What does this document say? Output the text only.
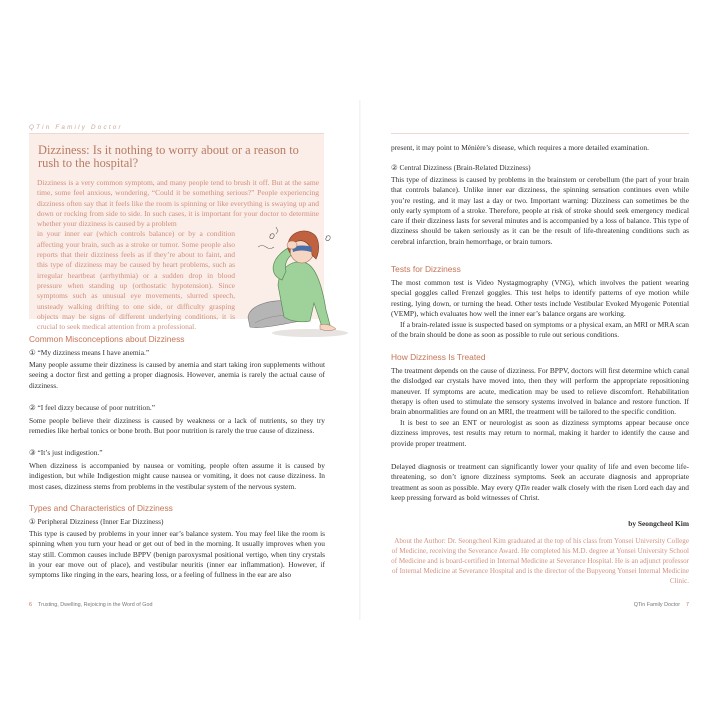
QTin Family Doctor
Dizziness: Is it nothing to worry about or a reason to rush to the hospital?
Dizziness is a very common symptom, and many people tend to brush it off. But at the same time, some feel anxious, wondering, “Could it be something serious?” People experiencing dizziness often say that it feels like the room is spinning or like everything is swaying up and down or rocking from side to side. In such cases, it is important for your doctor to determine whether your dizziness is caused by a problem
in your inner ear (which controls balance) or by a condition affecting your brain, such as a stroke or tumor. Some people also reports that their dizziness feels as if they’re about to faint, and this type of dizziness may be caused by heart problems, such as irregular heartbeat (arrhythmia) or a sudden drop in blood pressure when standing up (orthostatic hypotension). Since symptoms such as unusual eye movements, slurred speech, unsteady walking drifting to one side, or difficulty grasping objects may be signs of different underlying conditions, it is crucial to seek medical attention from a professional.
Common Misconceptions about Dizziness
① “My dizziness means I have anemia.”
Many people assume their dizziness is caused by anemia and start taking iron supplements without seeing a doctor first and getting a proper diagnosis. However, anemia is rarely the actual cause of dizziness.
② “I feel dizzy because of poor nutrition.”
Some people believe their dizziness is caused by weakness or a lack of nutrients, so they try remedies like herbal tonics or bone broth. But poor nutrition is rarely the true cause of dizziness.
③ “It’s just indigestion.”
When dizziness is accompanied by nausea or vomiting, people often assume it is caused by indigestion, but while Indigestion might cause nausea or vomiting, it does not cause dizziness. In most cases, dizziness stems from problems in the vestibular system of the nervous system.
Types and Characteristics of Dizziness
① Peripheral Dizziness (Inner Ear Dizziness)
This type is caused by problems in your inner ear’s balance system. You may feel like the room is spinning when you turn your head or get out of bed in the morning. It usually improves when you stay still. Common causes include BPPV (benign paroxysmal positional vertigo, when tiny crystals in your ear move out of place), and vestibular neuritis (inner ear inflammation). However, if symptoms like ringing in the ears, hearing loss, or a feeling of fullness in the ear are also
6 Trusting, Dwelling, Rejoicing in the Word of God
present, it may point to Ménière’s disease, which requires a more detailed examination.
② Central Dizziness (Brain-Related Dizziness)
This type of dizziness is caused by problems in the brainstem or cerebellum (the part of your brain that controls balance). Unlike inner ear dizziness, the spinning sensation continues even while you’re resting, and it may last a day or two. Important warning: Dizziness can sometimes be the only early symptom of a stroke. Therefore, people at risk of stroke should seek emergency medical care if their dizziness lasts for several minutes and is accompanied by a loss of balance. This type of dizziness should be taken seriously as it can be the result of life-threatening conditions such as cerebral infarction, brain hemorrhage, or brain tumors.
Tests for Dizziness
The most common test is Video Nystagmography (VNG), which involves the patient wearing special goggles called Frenzel goggles. This test helps to identify patterns of eye motion while resting, lying down, or turning the head. Other tests include Vestibular Evoked Myogenic Potential (VEMP), which evaluates how well the inner ear’s balance organs are working.
If a brain-related issue is suspected based on symptoms or a physical exam, an MRI or MRA scan of the brain should be done as soon as possible to rule out serious conditions.
How Dizziness Is Treated
The treatment depends on the cause of dizziness. For BPPV, doctors will first determine which canal the dislodged ear crystals have moved into, then they will perform the appropriate repositioning maneuver. If symptoms are acute, medication may be used to relieve discomfort. Rehabilitation therapy is often used to stimulate the sensory systems involved in balance and restore function. If brain abnormalities are found on an MRI, the treatment will be tailored to the specific condition.
It is best to see an ENT or neurologist as soon as dizziness symptoms appear because once dizziness improves, test results may return to normal, making it harder to identify the cause and provide proper treatment.
Delayed diagnosis or treatment can significantly lower your quality of life and even become life-threatening, so don’t ignore dizziness symptoms. Seek an accurate diagnosis and appropriate treatment as soon as possible. May every QTin reader walk closely with the risen Lord each day and keep pressing forward as bold witnesses of Christ.
by Seongcheol Kim
About the Author: Dr. Seongcheol Kim graduated at the top of his class from Yonsei University College of Medicine, receiving the Severance Award. He completed his M.D. degree at Yonsei University School of Medicine and is board-certified in Internal Medicine at Severance Hospital. He is an adjunct professor of Internal Medicine at Severance Hospital and is the director of the Bupyeong Yonsei Internal Medicine Clinic.
QTin Family Doctor 7
